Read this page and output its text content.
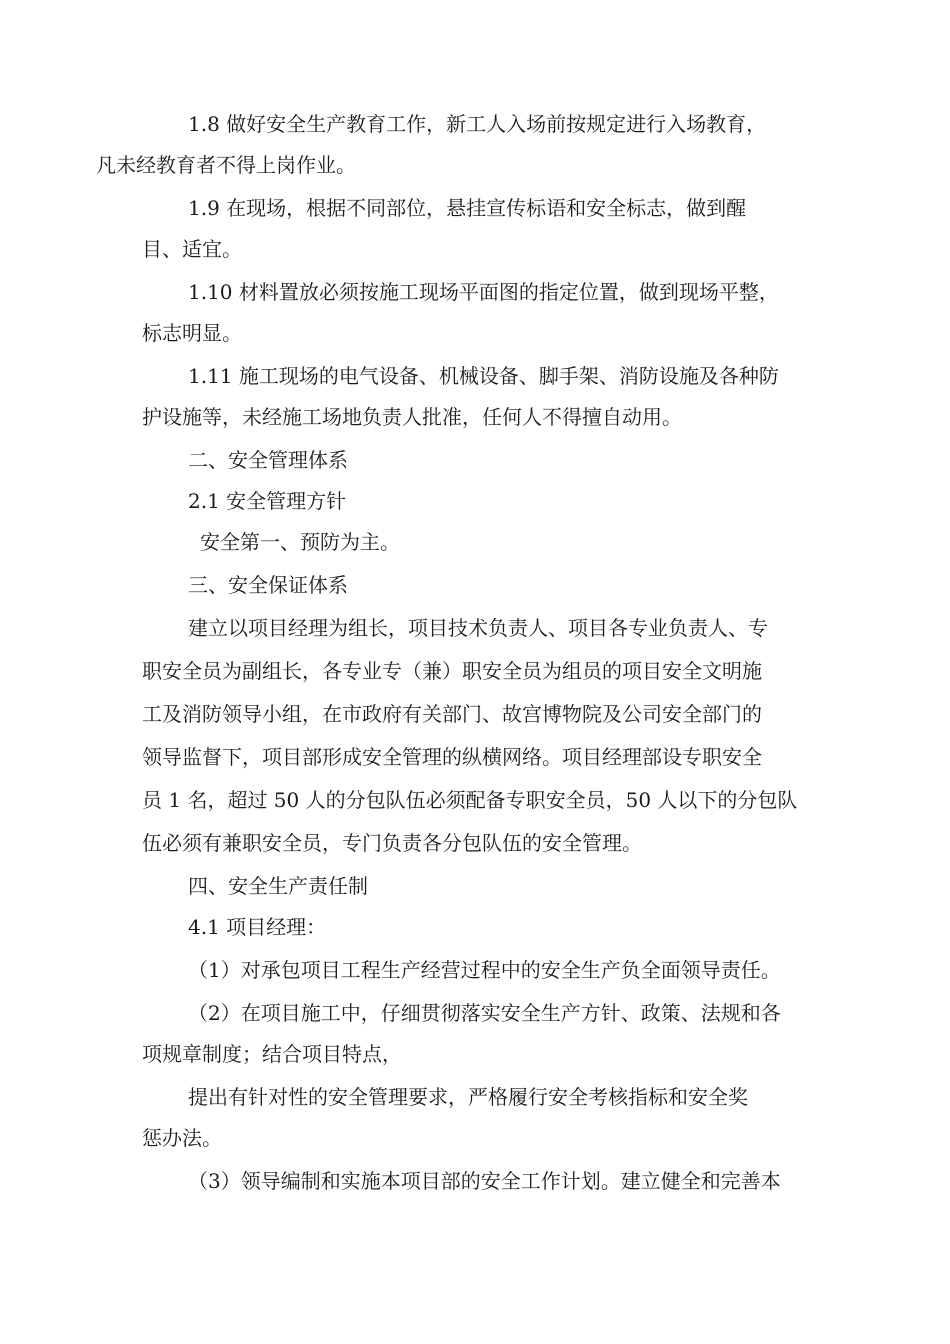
1.8 做好安全生产教育工作，新工人入场前按规定进行入场教育，
凡未经教育者不得上岗作业。

1.9 在现场，根据不同部位，悬挂宣传标语和安全标志，做到醒
目、适宜。

1.10 材料置放必须按施工现场平面图的指定位置，做到现场平整，
标志明显。

1.11 施工现场的电气设备、机械设备、脚手架、消防设施及各种防
护设施等，未经施工场地负责人批准，任何人不得擅自动用。

二、安全管理体系

2.1 安全管理方针

安全第一、预防为主。

三、安全保证体系

建立以项目经理为组长，项目技术负责人、项目各专业负责人、专
职安全员为副组长，各专业专（兼）职安全员为组员的项目安全文明施
工及消防领导小组，在市政府有关部门、故宫博物院及公司安全部门的
领导监督下，项目部形成安全管理的纵横网络。项目经理部设专职安全
员 1 名，超过 50 人的分包队伍必须配备专职安全员，50 人以下的分包队
伍必须有兼职安全员，专门负责各分包队伍的安全管理。

四、安全生产责任制

4.1 项目经理：

（1）对承包项目工程生产经营过程中的安全生产负全面领导责任。

（2）在项目施工中，仔细贯彻落实安全生产方针、政策、法规和各
项规章制度；结合项目特点，

提出有针对性的安全管理要求，严格履行安全考核指标和安全奖
惩办法。

（3）领导编制和实施本项目部的安全工作计划。建立健全和完善本
